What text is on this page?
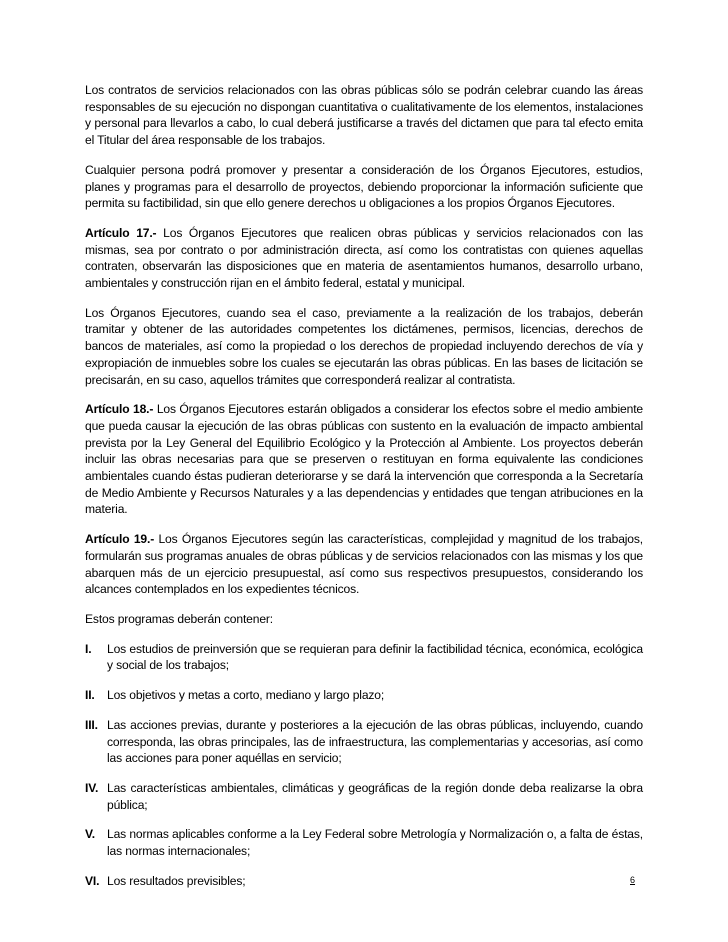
Los contratos de servicios relacionados con las obras públicas sólo se podrán celebrar cuando las áreas responsables de su ejecución no dispongan cuantitativa o cualitativamente de los elementos, instalaciones y personal para llevarlos a cabo, lo cual deberá justificarse a través del dictamen que para tal efecto emita el Titular del área responsable de los trabajos.

Cualquier persona podrá promover y presentar a consideración de los Órganos Ejecutores, estudios, planes y programas para el desarrollo de proyectos, debiendo proporcionar la información suficiente que permita su factibilidad, sin que ello genere derechos u obligaciones a los propios Órganos Ejecutores.

Artículo 17.- Los Órganos Ejecutores que realicen obras públicas y servicios relacionados con las mismas, sea por contrato o por administración directa, así como los contratistas con quienes aquellas contraten, observarán las disposiciones que en materia de asentamientos humanos, desarrollo urbano, ambientales y construcción rijan en el ámbito federal, estatal y municipal.

Los Órganos Ejecutores, cuando sea el caso, previamente a la realización de los trabajos, deberán tramitar y obtener de las autoridades competentes los dictámenes, permisos, licencias, derechos de bancos de materiales, así como la propiedad o los derechos de propiedad incluyendo derechos de vía y expropiación de inmuebles sobre los cuales se ejecutarán las obras públicas. En las bases de licitación se precisarán, en su caso, aquellos trámites que corresponderá realizar al contratista.

Artículo 18.- Los Órganos Ejecutores estarán obligados a considerar los efectos sobre el medio ambiente que pueda causar la ejecución de las obras públicas con sustento en la evaluación de impacto ambiental prevista por la Ley General del Equilibrio Ecológico y la Protección al Ambiente. Los proyectos deberán incluir las obras necesarias para que se preserven o restituyan en forma equivalente las condiciones ambientales cuando éstas pudieran deteriorarse y se dará la intervención que corresponda a la Secretaría de Medio Ambiente y Recursos Naturales y a las dependencias y entidades que tengan atribuciones en la materia.

Artículo 19.- Los Órganos Ejecutores según las características, complejidad y magnitud de los trabajos, formularán sus programas anuales de obras públicas y de servicios relacionados con las mismas y los que abarquen más de un ejercicio presupuestal, así como sus respectivos presupuestos, considerando los alcances contemplados en los expedientes técnicos.

Estos programas deberán contener:

I. Los estudios de preinversión que se requieran para definir la factibilidad técnica, económica, ecológica y social de los trabajos;
II. Los objetivos y metas a corto, mediano y largo plazo;
III. Las acciones previas, durante y posteriores a la ejecución de las obras públicas, incluyendo, cuando corresponda, las obras principales, las de infraestructura, las complementarias y accesorias, así como las acciones para poner aquéllas en servicio;
IV. Las características ambientales, climáticas y geográficas de la región donde deba realizarse la obra pública;
V. Las normas aplicables conforme a la Ley Federal sobre Metrología y Normalización o, a falta de éstas, las normas internacionales;
VI. Los resultados previsibles;	6
